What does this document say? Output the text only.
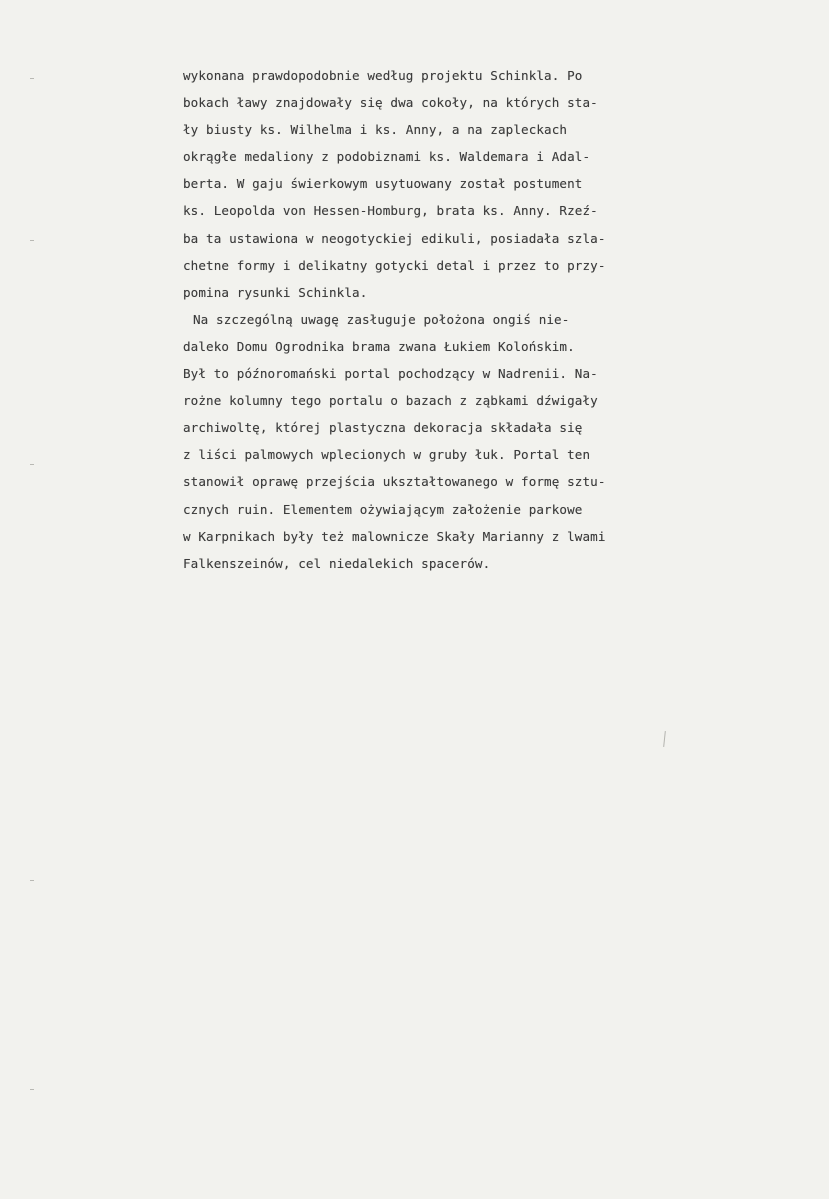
wykonana prawdopodobnie według projektu Schinkla. Po
bokach ławy znajdowały się dwa cokoły, na których sta-
ły biusty ks. Wilhelma i ks. Anny, a na zapleckach
okrągłe medaliony z podobiznami ks. Waldemara i Adal-
berta. W gaju świerkowym usytuowany został postument
ks. Leopolda von Hessen-Homburg, brata ks. Anny. Rzeź-
ba ta ustawiona w neogotyckiej edikuli, posiadała szla-
chetne formy i delikatny gotycki detal i przez to przy-
pomina rysunki Schinkla.
Na szczególną uwagę zasługuje położona ongiś nie-
daleko Domu Ogrodnika brama zwana Łukiem Kolońskim.
Był to późnoromański portal pochodzący w Nadrenii. Na-
rożne kolumny tego portalu o bazach z ząbkami dźwigały
archiwoltę, której plastyczna dekoracja składała się
z liści palmowych wplecionych w gruby łuk. Portal ten
stanowił oprawę przejścia ukształtowanego w formę sztu-
cznych ruin. Elementem ożywiającym założenie parkowe
w Karpnikach były też malownicze Skały Marianny z lwami
Falkenszeinów, cel niedalekich spacerów.
